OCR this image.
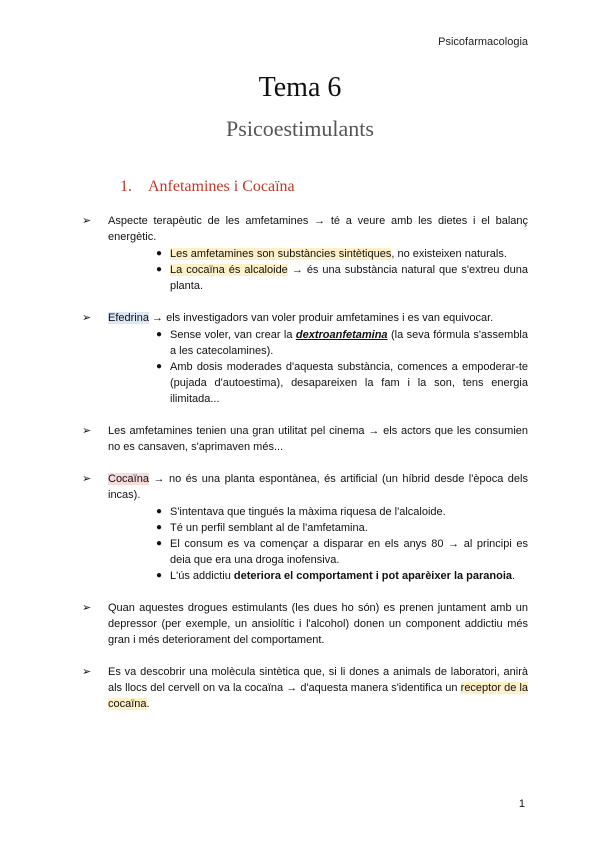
Psicofarmacologia
Tema 6
Psicoestimulants
1. Anfetamines i Cocaïna
➢ Aspecte terapèutic de les amfetamines → té a veure amb les dietes i el balanç energètic.
● Les amfetamines son substàncies sintètiques, no existeixen naturals.
● La cocaïna és alcaloide → és una substància natural que s'extreu duna planta.
➢ Efedrina → els investigadors van voler produir amfetamines i es van equivocar.
● Sense voler, van crear la dextroanfetamina (la seva fórmula s'assembla a les catecolamines).
● Amb dosis moderades d'aquesta substància, comences a empoderar-te (pujada d'autoestima), desapareixen la fam i la son, tens energia ilimitada...
➢ Les amfetamines tenien una gran utilitat pel cinema → els actors que les consumien no es cansaven, s'aprimaven més...
➢ Cocaïna → no és una planta espontànea, és artificial (un híbrid desde l'època dels incas).
● S'intentava que tingués la màxima riquesa de l'alcaloide.
● Té un perfil semblant al de l'amfetamina.
● El consum es va començar a disparar en els anys 80 → al principi es deia que era una droga inofensiva.
● L'ús addictiu deteriora el comportament i pot aparèixer la paranoia.
➢ Quan aquestes drogues estimulants (les dues ho són) es prenen juntament amb un depressor (per exemple, un ansiolític i l'alcohol) donen un component addictiu més gran i més deteriorament del comportament.
➢ Es va descobrir una molècula sintètica que, si li dones a animals de laboratori, anirà als llocs del cervell on va la cocaïna → d'aquesta manera s'identifica un receptor de la cocaïna.
1
